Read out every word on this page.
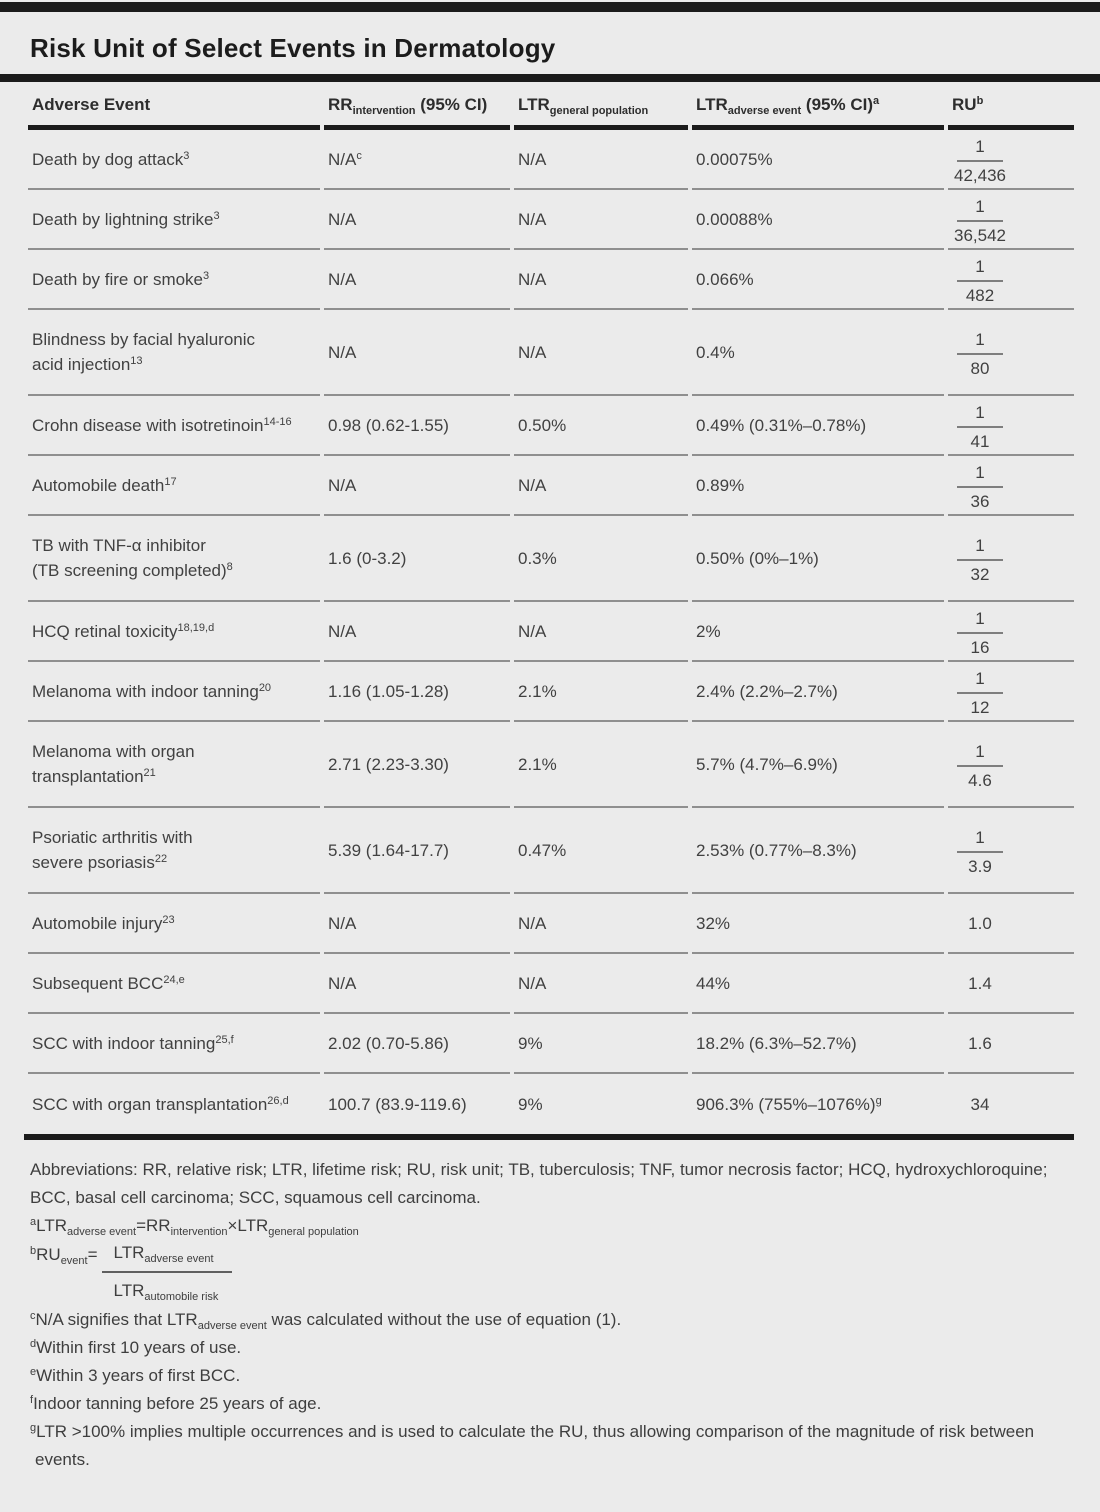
Risk Unit of Select Events in Dermatology
Adverse Event	$RR_{intervention}$ (95% CI)	$LTR_{general population}$	$LTR_{adverse event}$ (95% CI)$^a$	$RU^b$

Death by dog attack$^3$	$N/A^c$	N/A	0.00075%	$\frac{1}{42,436}$

Death by lightning strike$^3$	N/A	N/A	0.00088%	$\frac{1}{36,542}$

Death by fire or smoke$^3$	N/A	N/A	0.066%	$\frac{1}{482}$

Blindness by facial hyaluronic
acid injection$^{13}$	N/A	N/A	0.4%	$\frac{1}{80}$

Crohn disease with isotretinoin$^{14-16}$	0.98 (0.62-1.55)	0.50%	0.49% (0.31%–0.78%)	$\frac{1}{41}$

Automobile death$^{17}$	N/A	N/A	0.89%	$\frac{1}{36}$

TB with TNF-α inhibitor
(TB screening completed)$^8$	1.6 (0-3.2)	0.3%	0.50% (0%–1%)	$\frac{1}{32}$

HCQ retinal toxicity$^{18,19,d}$	N/A	N/A	2%	$\frac{1}{16}$

Melanoma with indoor tanning$^{20}$	1.16 (1.05-1.28)	2.1%	2.4% (2.2%–2.7%)	$\frac{1}{12}$

Melanoma with organ
transplantation$^{21}$	2.71 (2.23-3.30)	2.1%	5.7% (4.7%–6.9%)	$\frac{1}{4.6}$

Psoriatic arthritis with
severe psoriasis$^{22}$	5.39 (1.64-17.7)	0.47%	2.53% (0.77%–8.3%)	$\frac{1}{3.9}$

Automobile injury$^{23}$	N/A	N/A	32%	1.0

Subsequent BCC$^{24,e}$	N/A	N/A	44%	1.4

SCC with indoor tanning$^{25,f}$	2.02 (0.70-5.86)	9%	18.2% (6.3%–52.7%)	1.6

SCC with organ transplantation$^{26,d}$	100.7 (83.9-119.6)	9%	906.3% $(755\%-1076\%)^g$	34

Abbreviations: RR, relative risk; LTR, lifetime risk; RU, risk unit; TB, tuberculosis; TNF, tumor necrosis factor; HCQ, hydroxychloroquine; BCC, basal cell carcinoma; SCC, squamous cell carcinoma.

$^aLTR_{adverse event}=RR_{intervention}\times LTR_{general population}$

$^bRU_{event}= \frac{LTR_{adverse event}}{LTR_{automobile risk}}$

$^c$N/A signifies that $LTR_{adverse event}$ was calculated without the use of equation (1).

$^d$Within first 10 years of use.

$^e$Within 3 years of first BCC.

$^f$Indoor tanning before 25 years of age.

$^g$LTR >100% implies multiple occurrences and is used to calculate the RU, thus allowing comparison of the magnitude of risk between events.
